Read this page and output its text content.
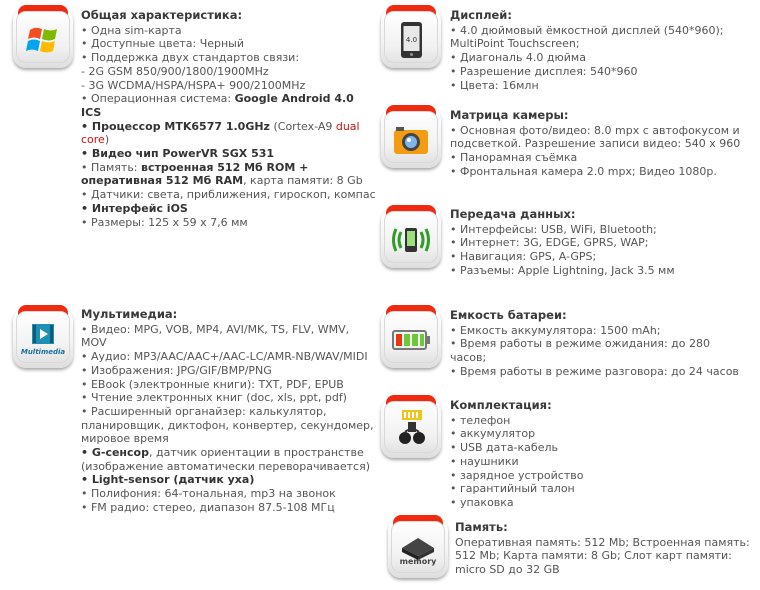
4.0
Multimedia
memory
Общая характеристика:
• Одна sim-карта
• Доступные цвета: Черный
• Поддержка двух стандартов связи:
- 2G GSM 850/900/1800/1900MHz
- 3G WCDMA/HSPA/HSPA+ 900/2100MHz
• Операционная система: Google Android 4.0
ICS
• Процессор MTK6577 1.0GHz (Cortex-A9 dual
core)
• Видео чип PowerVR SGX 531
• Память: встроенная 512 Мб ROM +
оперативная 512 Мб RAM, карта памяти: 8 Gb
• Датчики: света, приближения, гироскоп, компас
• Интерфейс iOS
• Размеры: 125 x 59 x 7,6 мм
Дисплей:
• 4.0 дюймовый ёмкостной дисплей (540*960);
MultiPoint Touchscreen;
• Диагональ 4.0 дюйма
• Разрешение дисплея: 540*960
• Цвета: 16млн
Матрица камеры:
• Основная фото/видео: 8.0 mpx с автофокусом и
подсветкой. Разрешение записи видео: 540 х 960
• Панорамная съёмка
• Фронтальная камера 2.0 mpx; Видео 1080p.
Передача данных:
• Интерфейсы: USB, WiFi, Bluetooth;
• Интернет: 3G, EDGE, GPRS, WAP;
• Навигация: GPS, A-GPS;
• Разъемы: Apple Lightning, Jack 3.5 мм
Мультимедиа:
• Видео: MPG, VOB, MP4, AVI/MK, TS, FLV, WMV,
MOV
• Аудио: MP3/AAC/AAC+/AAC-LC/AMR-NB/WAV/MIDI
• Изображения: JPG/GIF/BMP/PNG
• EBook (электронные книги): TXT, PDF, EPUB
• Чтение электронных книг (doc, xls, ppt, pdf)
• Расширенный органайзер: калькулятор,
планировщик, диктофон, конвертер, секундомер,
мировое время
• G-сенсор, датчик ориентации в пространстве
(изображение автоматически переворачивается)
• Light-sensor (датчик уха)
• Полифония: 64-тональная, mp3 на звонок
• FM радио: стерео, диапазон 87.5-108 МГц
Емкость батареи:
• Емкость аккумулятора: 1500 mAh;
• Время работы в режиме ожидания: до 280
часов;
• Время работы в режиме разговора: до 24 часов
Комплектация:
• телефон
• аккумулятор
• USB дата-кабель
• наушники
• зарядное устройство
• гарантийный талон
• упаковка
Память:
Оперативная память: 512 Mb; Встроенная память:
512 Mb; Карта памяти: 8 Gb; Слот карт памяти:
micro SD до 32 GB
